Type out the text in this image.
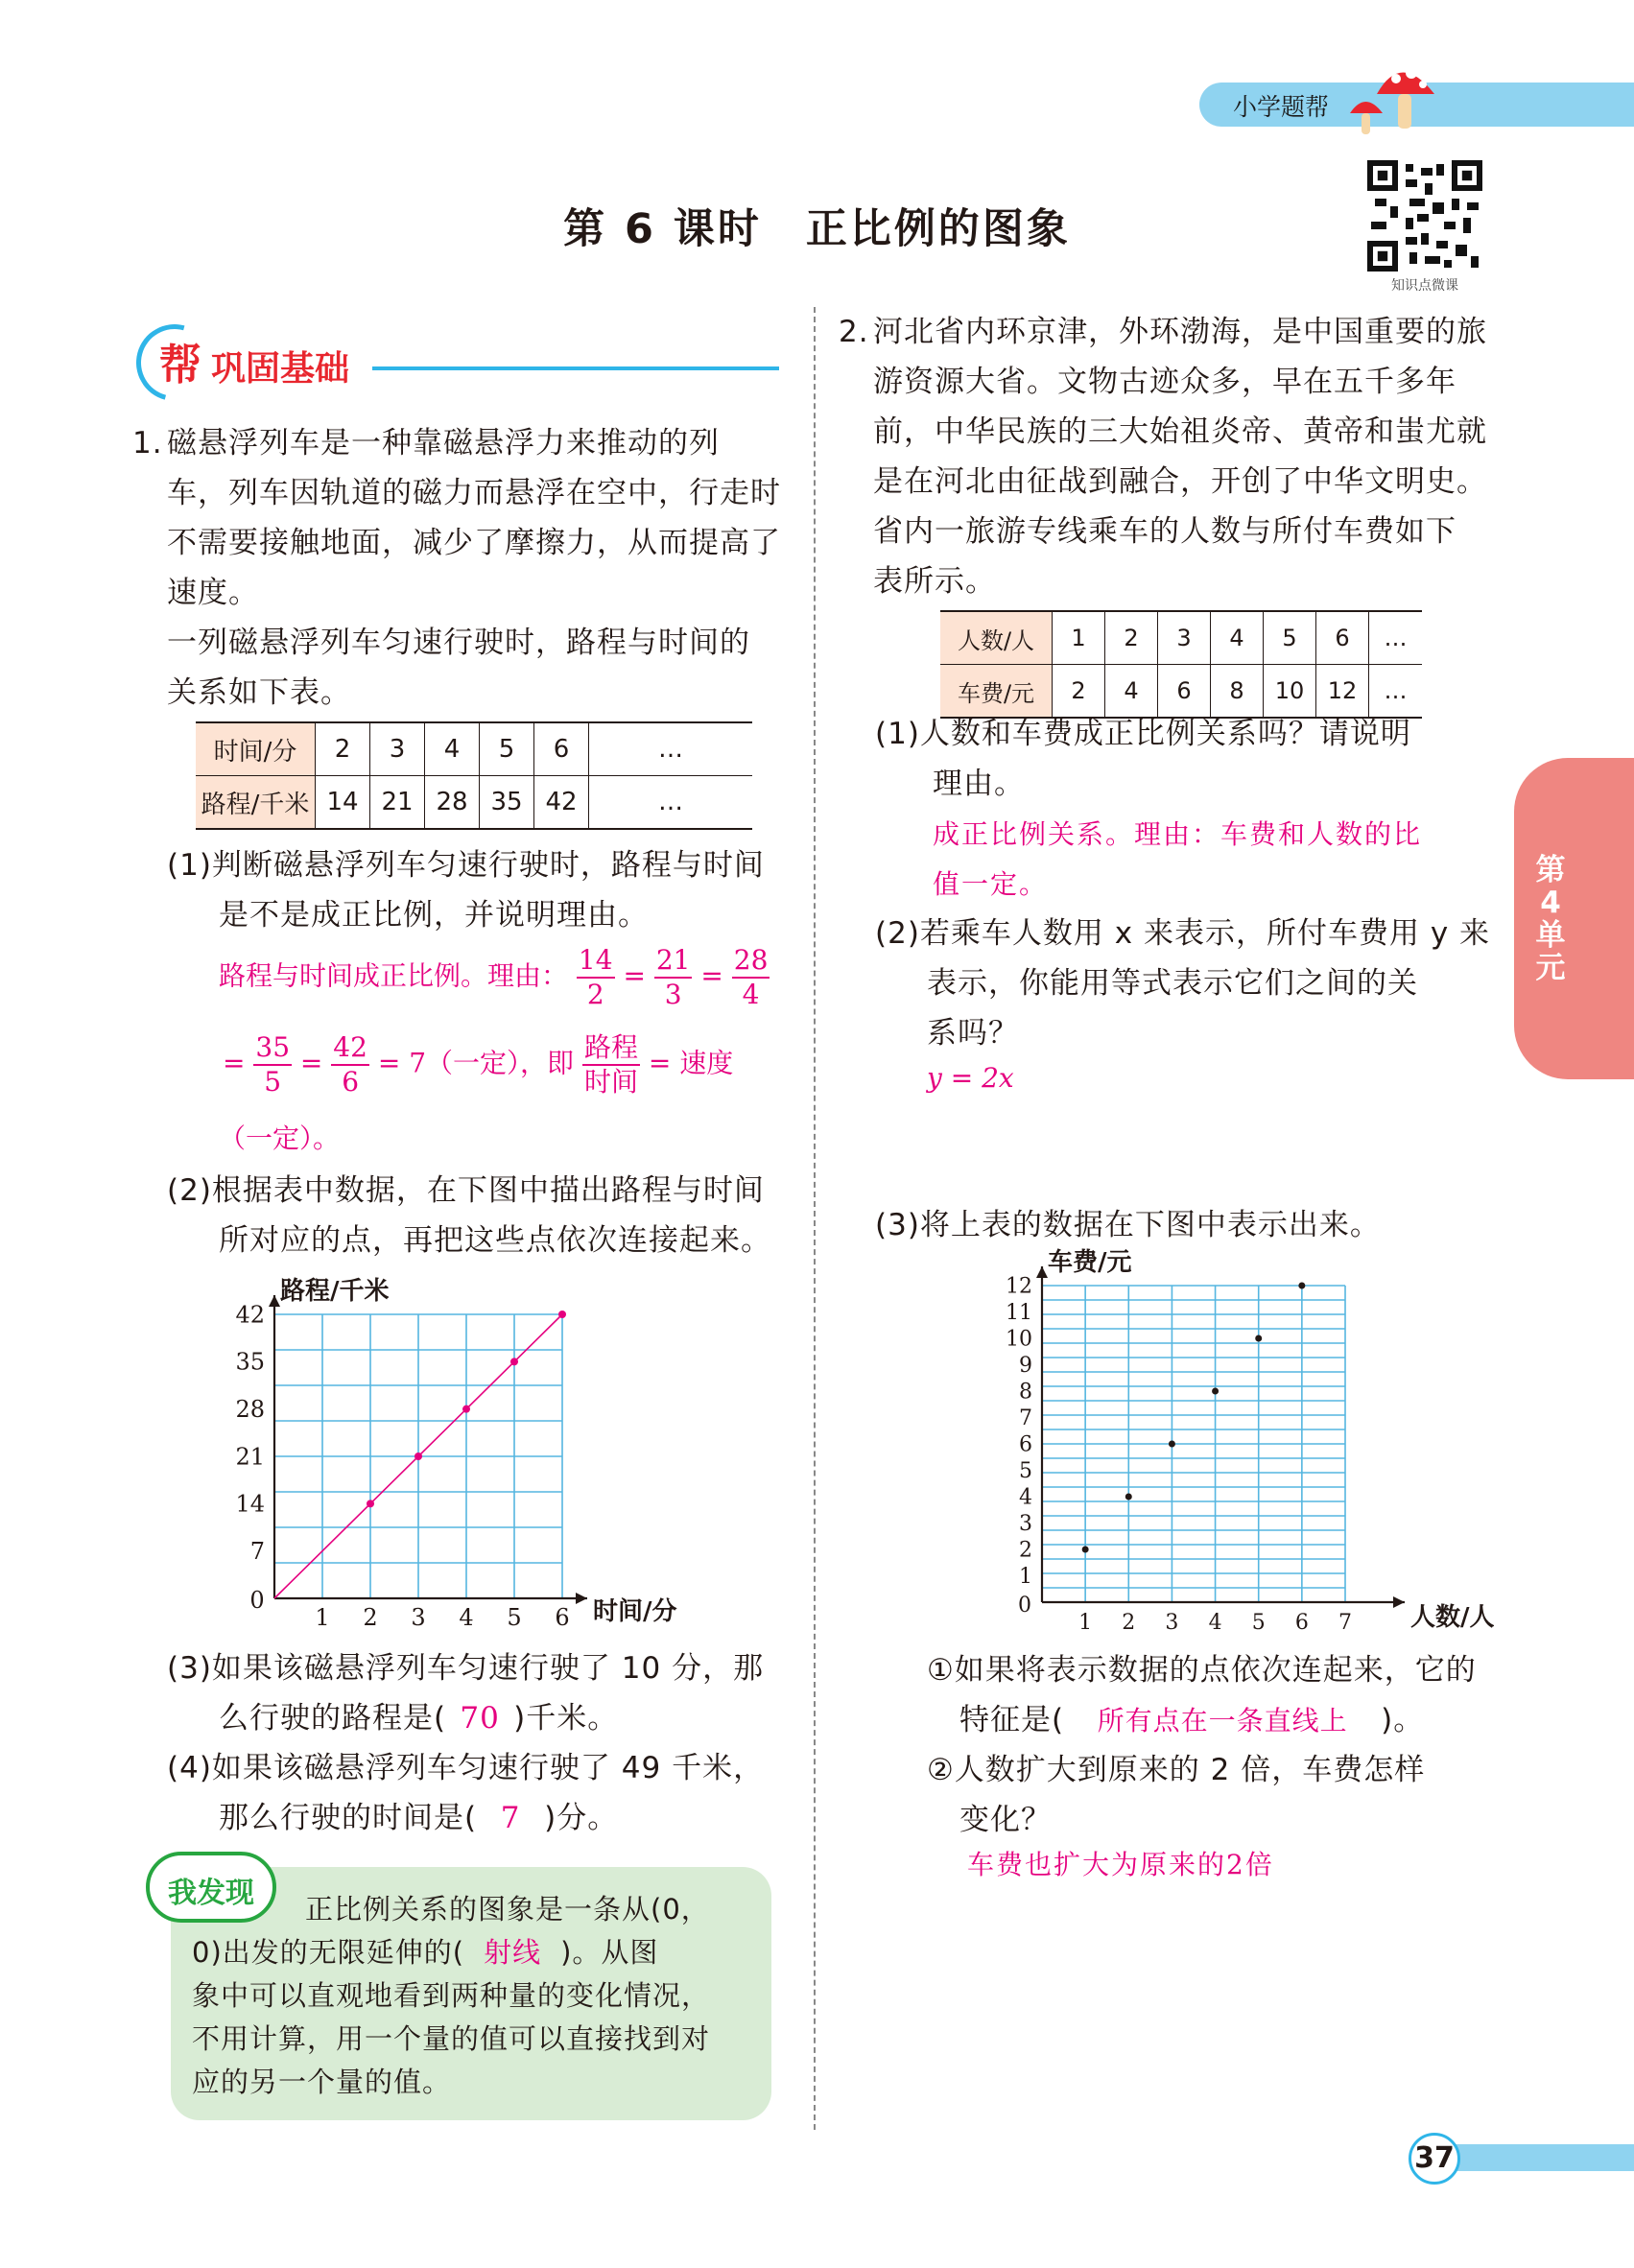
小学题帮
第 6 课时　正比例的图象
知识点微课
帮 巩固基础
1. 磁悬浮列车是一种靠磁悬浮力来推动的列
车，列车因轨道的磁力而悬浮在空中，行走时
不需要接触地面，减少了摩擦力，从而提高了
速度。
一列磁悬浮列车匀速行驶时，路程与时间的
关系如下表。
时间/分	2	3	4	5	6	…
路程/千米	14	21	28	35	42	…
(1)判断磁悬浮列车匀速行驶时，路程与时间
是不是成正比例，并说明理由。
路程与时间成正比例。理由： $\frac{14}{2} = \frac{21}{3} = \frac{28}{4}$
= $\frac{35}{5} = \frac{42}{6} = 7$（一定），即 $\frac{\text{路程}}{\text{时间}}$ = 速度
（一定）。
(2)根据表中数据，在下图中描出路程与时间
所对应的点，再把这些点依次连接起来。
时间/分
路程/千米
0
1 2 3 4 5 6
7
14
21
28
35
42
(3)如果该磁悬浮列车匀速行驶了 10 分，那
么行驶的路程是( 70 )千米。
(4)如果该磁悬浮列车匀速行驶了 49 千米，
那么行驶的时间是( 7 )分。
我发现	正比例关系的图象是一条从(0，
0)出发的无限延伸的( 射线 )。从图
象中可以直观地看到两种量的变化情况，
不用计算，用一个量的值可以直接找到对
应的另一个量的值。
2. 河北省内环京津，外环渤海，是中国重要的旅
游资源大省。文物古迹众多，早在五千多年
前，中华民族的三大始祖炎帝、黄帝和蚩尤就
是在河北由征战到融合，开创了中华文明史。
省内一旅游专线乘车的人数与所付车费如下
表所示。
人数/人	1	2	3	4	5	6	…
车费/元	2	4	6	8	10	12	…
(1)人数和车费成正比例关系吗？请说明
理由。
成正比例关系。理由：车费和人数的比
值一定。
(2)若乘车人数用 x 来表示，所付车费用 y 来
表示，你能用等式表示它们之间的关
系吗？
y = 2x
(3)将上表的数据在下图中表示出来。
人数/人
车费/元
0
1 2 3 4 5 6 7
1
2
3
4
5
6
7
8
9
10
11
12
①如果将表示数据的点依次连起来，它的
特征是( 所有点在一条直线上 )。
②人数扩大到原来的 2 倍，车费怎样
变化？
车费也扩大为原来的2倍
第4单元
37
